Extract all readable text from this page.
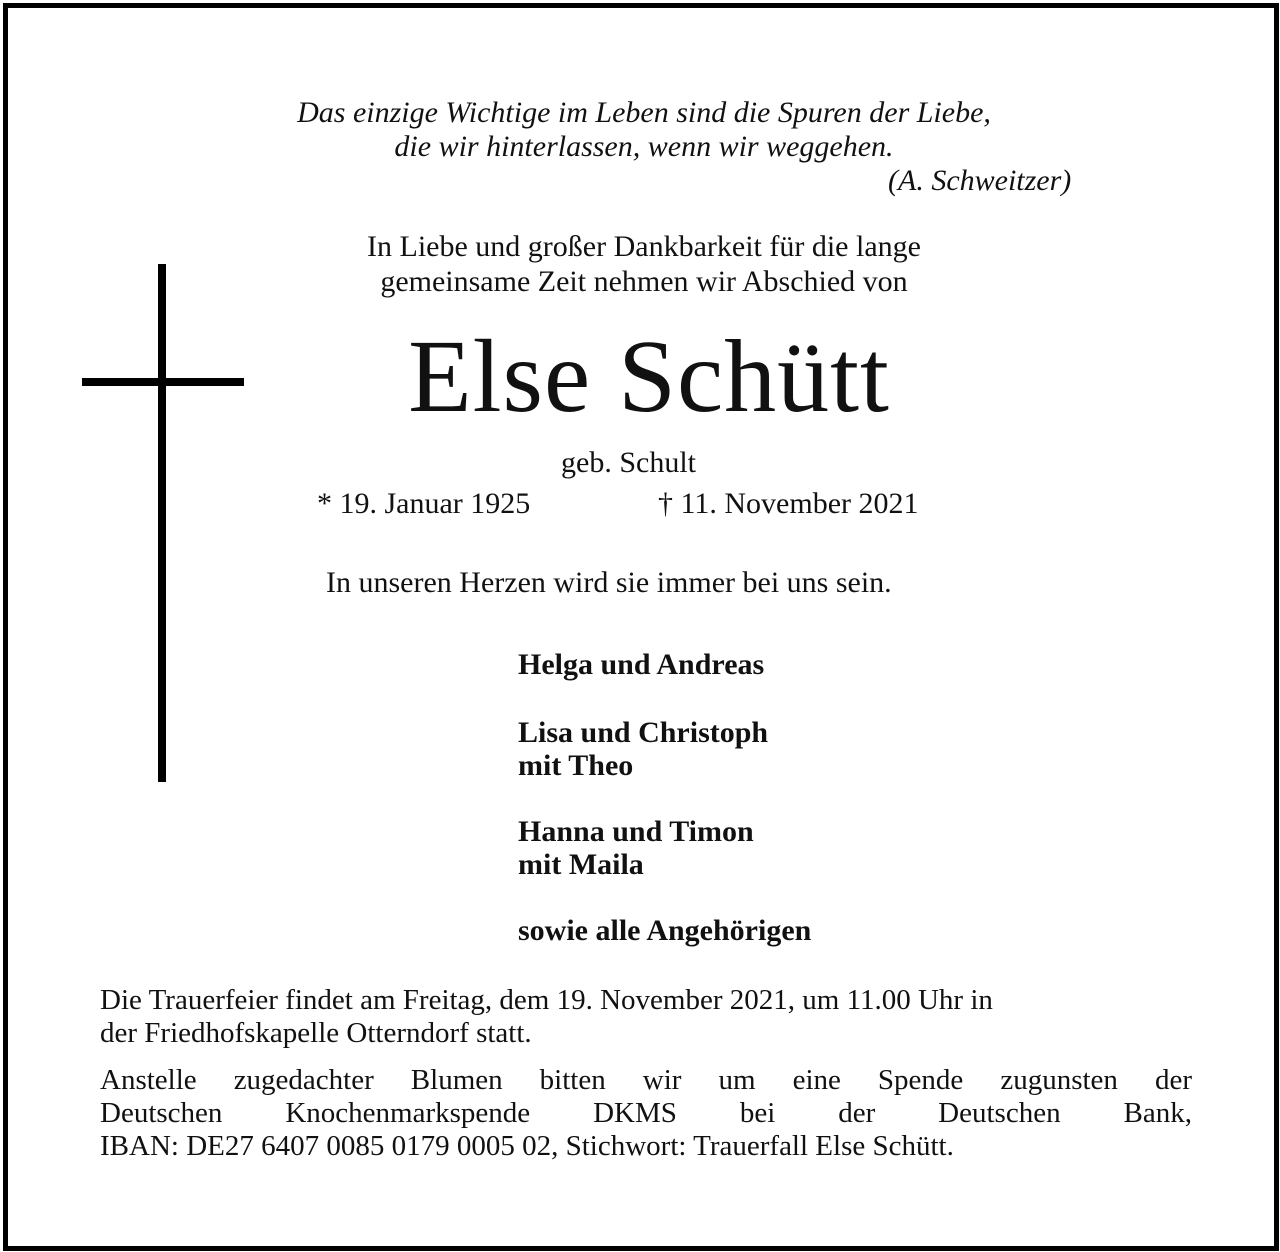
Das einzige Wichtige im Leben sind die Spuren der Liebe,
die wir hinterlassen, wenn wir weggehen.
(A. Schweitzer)
In Liebe und großer Dankbarkeit für die lange
gemeinsame Zeit nehmen wir Abschied von
Else Schütt
geb. Schult
* 19. Januar 1925	† 11. November 2021
In unseren Herzen wird sie immer bei uns sein.
Helga und Andreas
Lisa und Christoph
mit Theo
Hanna und Timon
mit Maila
sowie alle Angehörigen
Die Trauerfeier findet am Freitag, dem 19. November 2021, um 11.00 Uhr in
der Friedhofskapelle Otterndorf statt.
Anstelle zugedachter Blumen bitten wir um eine Spende zugunsten der
Deutschen Knochenmarkspende DKMS bei der Deutschen Bank,
IBAN: DE27 6407 0085 0179 0005 02, Stichwort: Trauerfall Else Schütt.
